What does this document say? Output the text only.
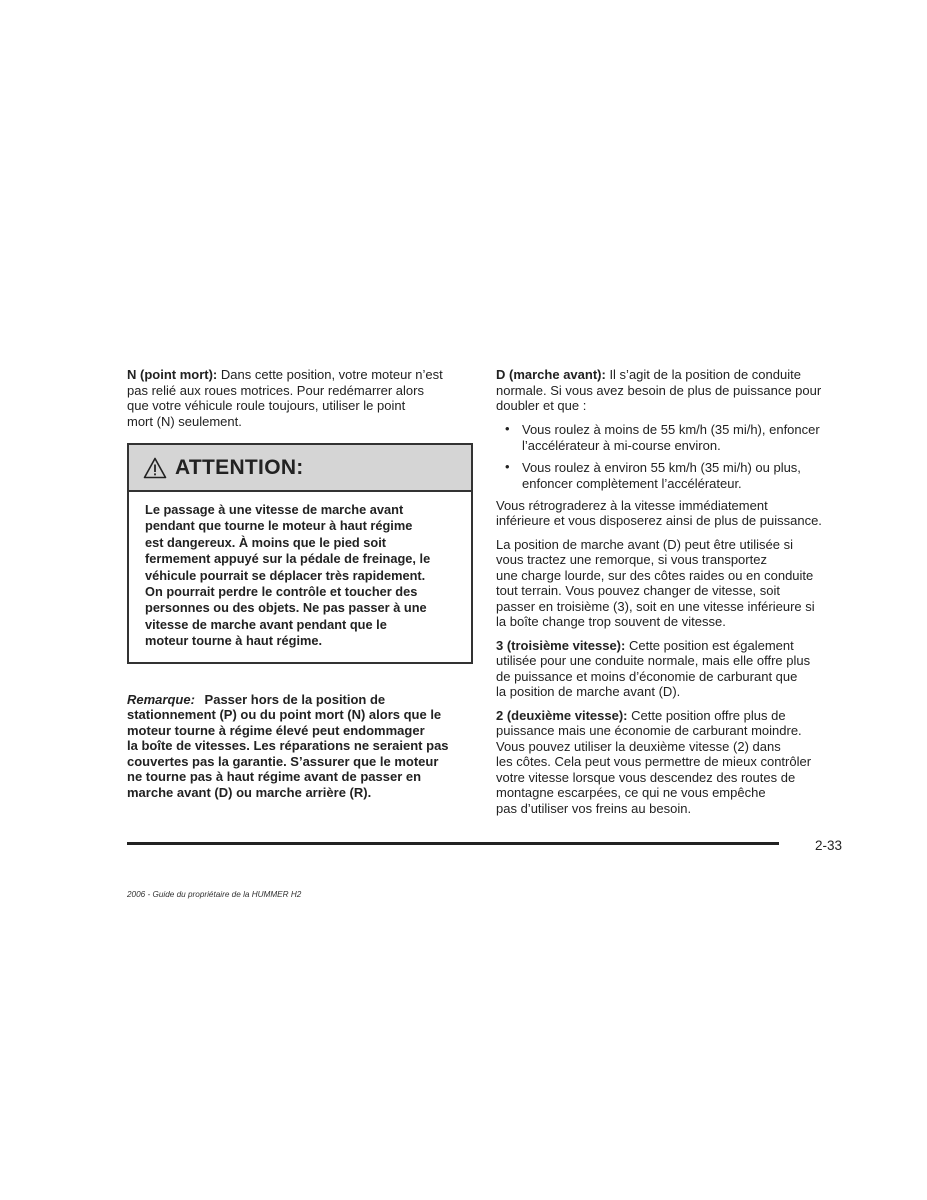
N (point mort): Dans cette position, votre moteur n’est
pas relié aux roues motrices. Pour redémarrer alors
que votre véhicule roule toujours, utiliser le point
mort (N) seulement.

ATTENTION:
Le passage à une vitesse de marche avant
pendant que tourne le moteur à haut régime
est dangereux. À moins que le pied soit
fermement appuyé sur la pédale de freinage, le
véhicule pourrait se déplacer très rapidement.
On pourrait perdre le contrôle et toucher des
personnes ou des objets. Ne pas passer à une
vitesse de marche avant pendant que le
moteur tourne à haut régime.
Remarque: Passer hors de la position de
stationnement (P) ou du point mort (N) alors que le
moteur tourne à régime élevé peut endommager
la boîte de vitesses. Les réparations ne seraient pas
couvertes pas la garantie. S’assurer que le moteur
ne tourne pas à haut régime avant de passer en
marche avant (D) ou marche arrière (R).

D (marche avant): Il s’agit de la position de conduite
normale. Si vous avez besoin de plus de puissance pour
doubler et que :

• Vous roulez à moins de 55 km/h (35 mi/h), enfoncer
l’accélérateur à mi-course environ.
• Vous roulez à environ 55 km/h (35 mi/h) ou plus,
enfoncer complètement l’accélérateur.

Vous rétrograderez à la vitesse immédiatement
inférieure et vous disposerez ainsi de plus de puissance.

La position de marche avant (D) peut être utilisée si
vous tractez une remorque, si vous transportez
une charge lourde, sur des côtes raides ou en conduite
tout terrain. Vous pouvez changer de vitesse, soit
passer en troisième (3), soit en une vitesse inférieure si
la boîte change trop souvent de vitesse.

3 (troisième vitesse): Cette position est également
utilisée pour une conduite normale, mais elle offre plus
de puissance et moins d’économie de carburant que
la position de marche avant (D).

2 (deuxième vitesse): Cette position offre plus de
puissance mais une économie de carburant moindre.
Vous pouvez utiliser la deuxième vitesse (2) dans
les côtes. Cela peut vous permettre de mieux contrôler
votre vitesse lorsque vous descendez des routes de
montagne escarpées, ce qui ne vous empêche
pas d’utiliser vos freins au besoin.

2-33
2006 - Guide du propriétaire de la HUMMER H2
